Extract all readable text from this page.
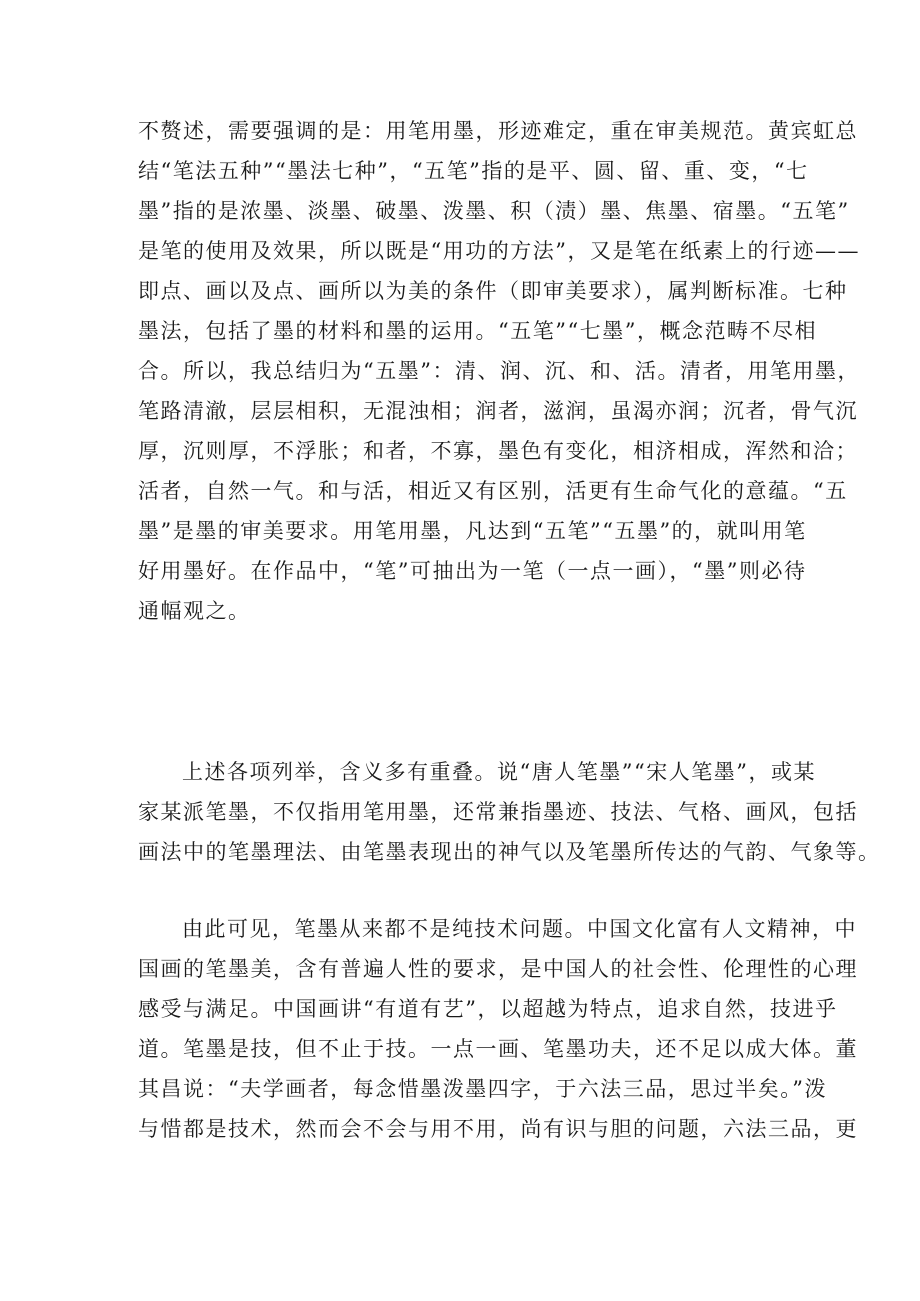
不赘述，需要强调的是：用笔用墨，形迹难定，重在审美规范。黄宾虹总
结“笔法五种”“墨法七种”，“五笔”指的是平、圆、留、重、变，“七
墨”指的是浓墨、淡墨、破墨、泼墨、积（渍）墨、焦墨、宿墨。“五笔”
是笔的使用及效果，所以既是“用功的方法”，又是笔在纸素上的行迹——
即点、画以及点、画所以为美的条件（即审美要求），属判断标准。七种
墨法，包括了墨的材料和墨的运用。“五笔”“七墨”，概念范畴不尽相
合。所以，我总结归为“五墨”：清、润、沉、和、活。清者，用笔用墨，
笔路清澈，层层相积，无混浊相；润者，滋润，虽渴亦润；沉者，骨气沉
厚，沉则厚，不浮胀；和者，不寡，墨色有变化，相济相成，浑然和洽；
活者，自然一气。和与活，相近又有区别，活更有生命气化的意蕴。“五
墨”是墨的审美要求。用笔用墨，凡达到“五笔”“五墨”的，就叫用笔
好用墨好。在作品中，“笔”可抽出为一笔（一点一画），“墨”则必待
通幅观之。
上述各项列举，含义多有重叠。说“唐人笔墨”“宋人笔墨”，或某
家某派笔墨，不仅指用笔用墨，还常兼指墨迹、技法、气格、画风，包括
画法中的笔墨理法、由笔墨表现出的神气以及笔墨所传达的气韵、气象等。
由此可见，笔墨从来都不是纯技术问题。中国文化富有人文精神，中
国画的笔墨美，含有普遍人性的要求，是中国人的社会性、伦理性的心理
感受与满足。中国画讲“有道有艺”，以超越为特点，追求自然，技进乎
道。笔墨是技，但不止于技。一点一画、笔墨功夫，还不足以成大体。董
其昌说：“夫学画者，每念惜墨泼墨四字，于六法三品，思过半矣。”泼
与惜都是技术，然而会不会与用不用，尚有识与胆的问题，六法三品，更
